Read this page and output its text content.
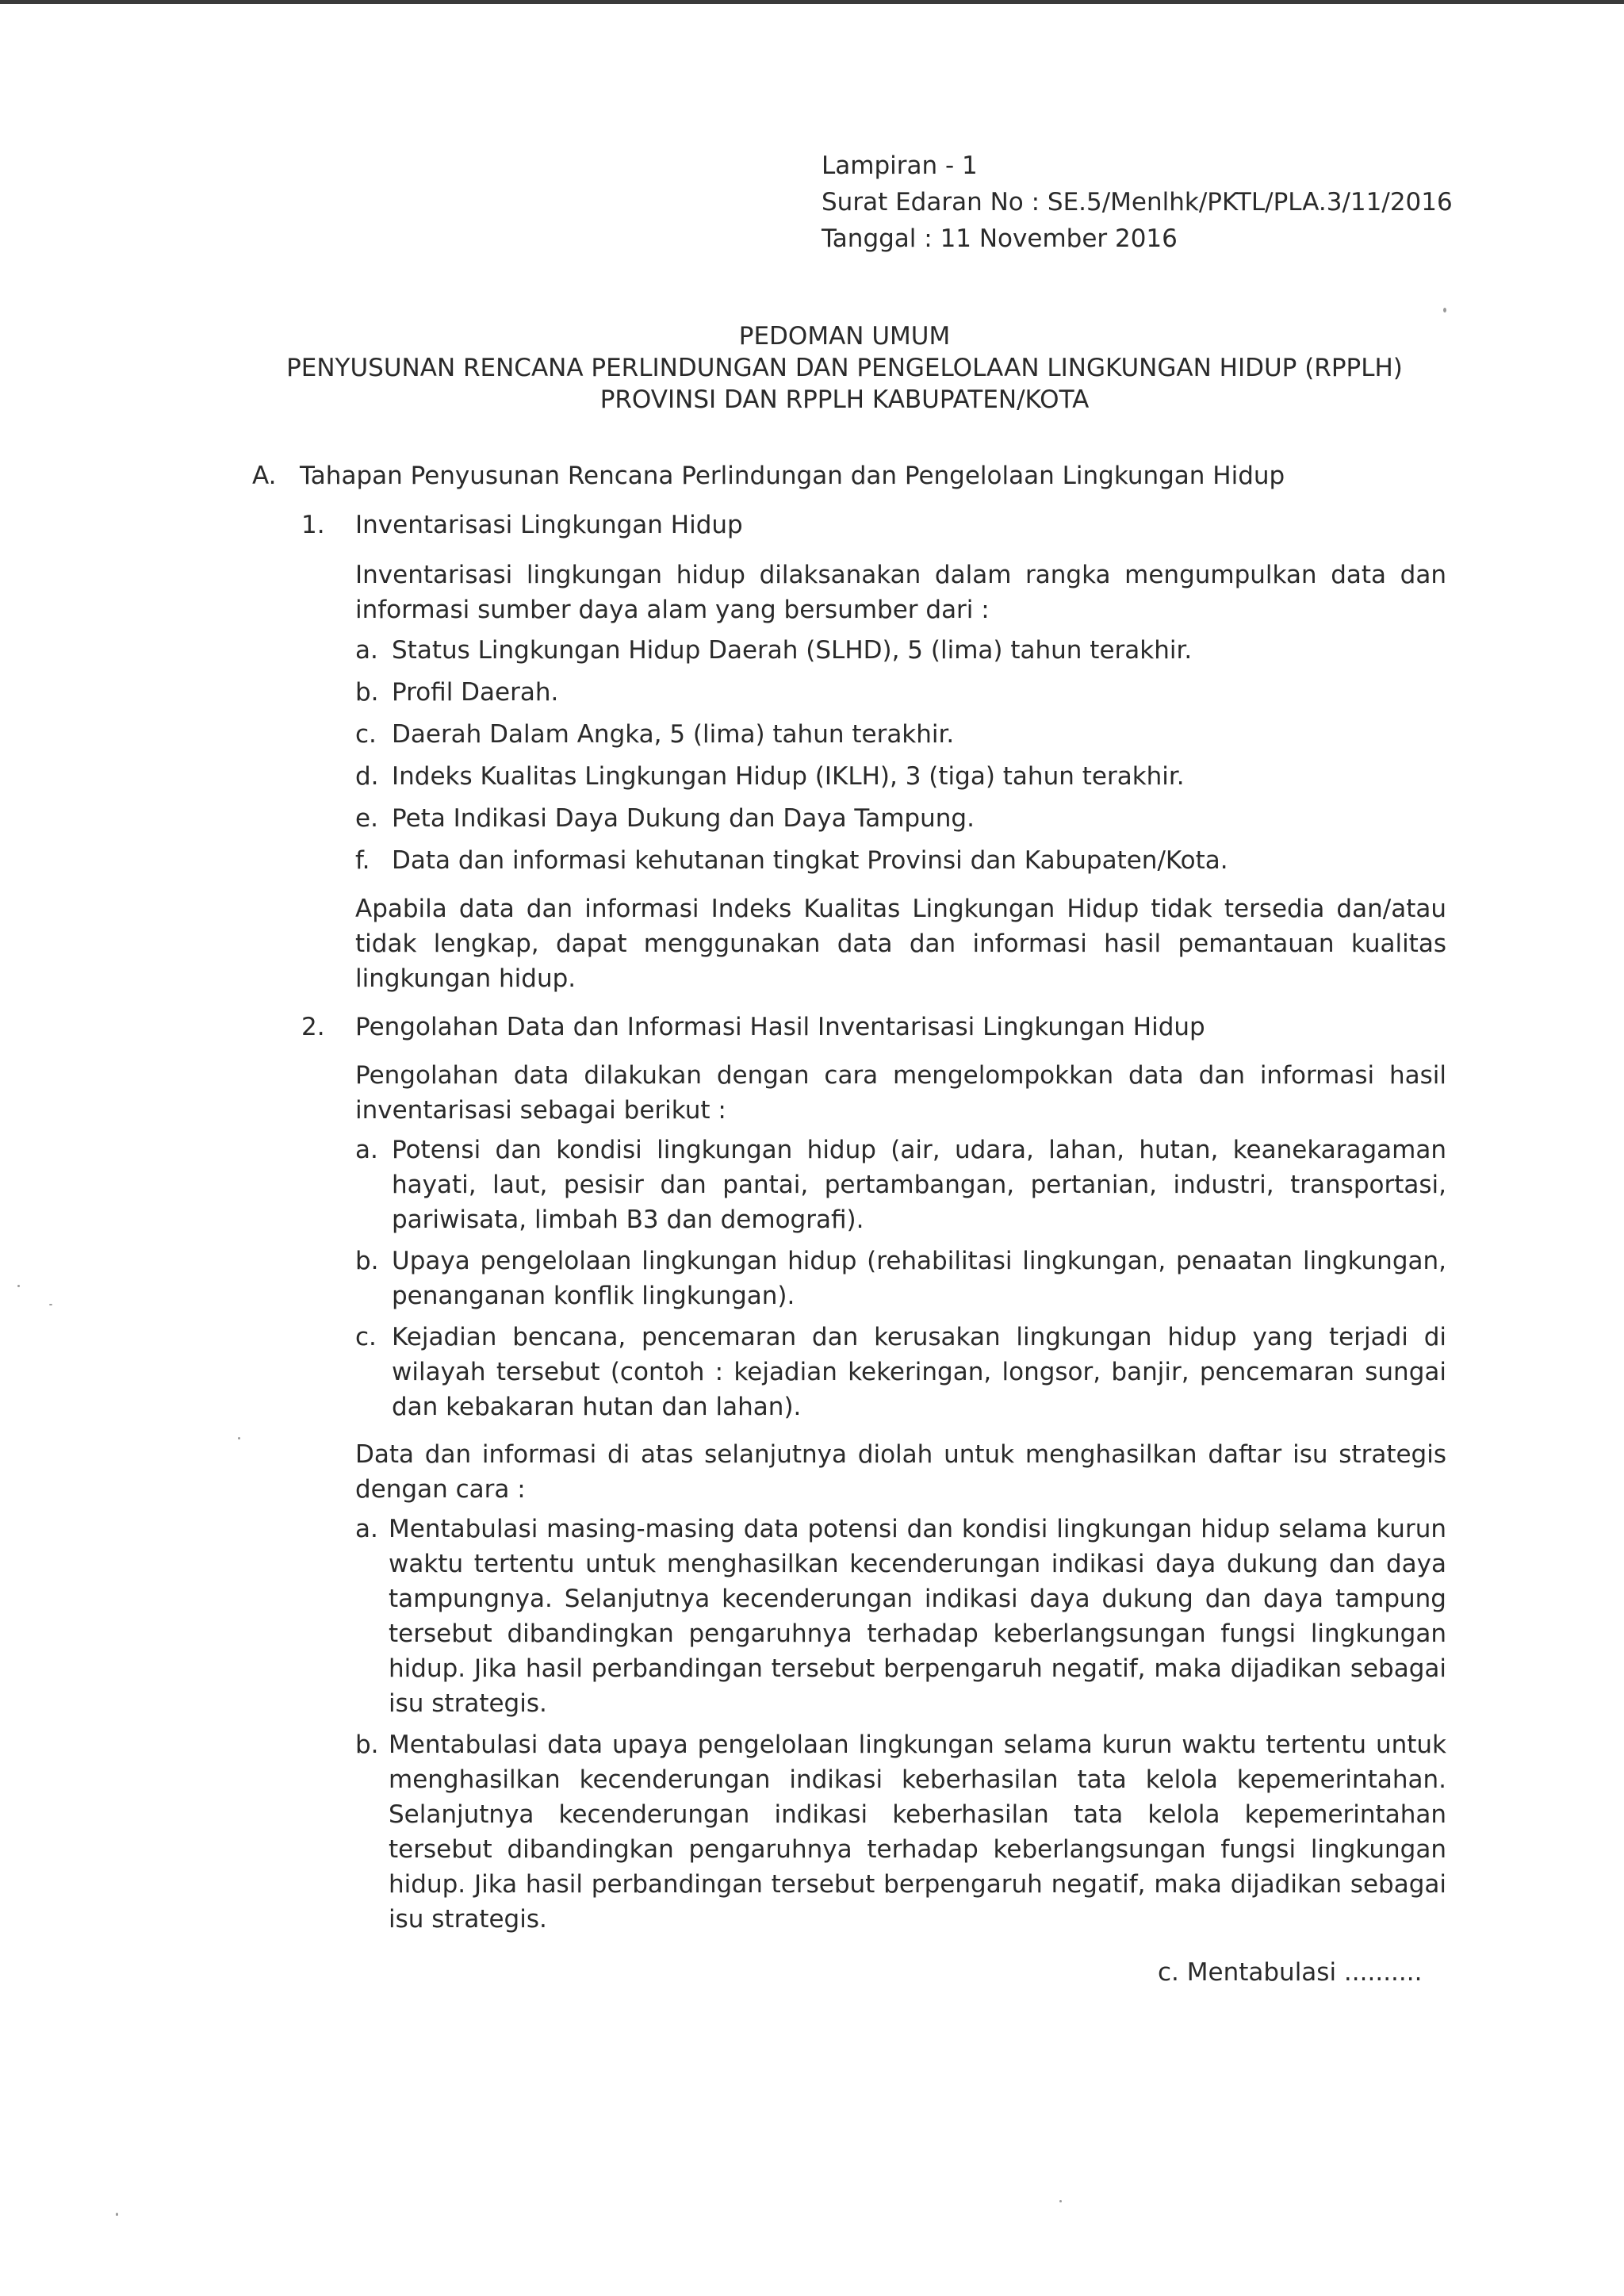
Lampiran - 1
Surat Edaran No : SE.5/Menlhk/PKTL/PLA.3/11/2016
Tanggal : 11 November 2016
PEDOMAN UMUM
PENYUSUNAN RENCANA PERLINDUNGAN DAN PENGELOLAAN LINGKUNGAN HIDUP (RPPLH)
PROVINSI DAN RPPLH KABUPATEN/KOTA
A. Tahapan Penyusunan Rencana Perlindungan dan Pengelolaan Lingkungan Hidup
1. Inventarisasi Lingkungan Hidup
Inventarisasi lingkungan hidup dilaksanakan dalam rangka mengumpulkan data dan informasi sumber daya alam yang bersumber dari :
a. Status Lingkungan Hidup Daerah (SLHD), 5 (lima) tahun terakhir.
b. Profil Daerah.
c. Daerah Dalam Angka, 5 (lima) tahun terakhir.
d. Indeks Kualitas Lingkungan Hidup (IKLH), 3 (tiga) tahun terakhir.
e. Peta Indikasi Daya Dukung dan Daya Tampung.
f. Data dan informasi kehutanan tingkat Provinsi dan Kabupaten/Kota.
Apabila data dan informasi Indeks Kualitas Lingkungan Hidup tidak tersedia dan/atau tidak lengkap, dapat menggunakan data dan informasi hasil pemantauan kualitas lingkungan hidup.
2. Pengolahan Data dan Informasi Hasil Inventarisasi Lingkungan Hidup
Pengolahan data dilakukan dengan cara mengelompokkan data dan informasi hasil inventarisasi sebagai berikut :
a. Potensi dan kondisi lingkungan hidup (air, udara, lahan, hutan, keanekaragaman hayati, laut, pesisir dan pantai, pertambangan, pertanian, industri, transportasi, pariwisata, limbah B3 dan demografi).
b. Upaya pengelolaan lingkungan hidup (rehabilitasi lingkungan, penaatan lingkungan, penanganan konflik lingkungan).
c. Kejadian bencana, pencemaran dan kerusakan lingkungan hidup yang terjadi di wilayah tersebut (contoh : kejadian kekeringan, longsor, banjir, pencemaran sungai dan kebakaran hutan dan lahan).
Data dan informasi di atas selanjutnya diolah untuk menghasilkan daftar isu strategis dengan cara :
a. Mentabulasi masing-masing data potensi dan kondisi lingkungan hidup selama kurun waktu tertentu untuk menghasilkan kecenderungan indikasi daya dukung dan daya tampungnya. Selanjutnya kecenderungan indikasi daya dukung dan daya tampung tersebut dibandingkan pengaruhnya terhadap keberlangsungan fungsi lingkungan hidup. Jika hasil perbandingan tersebut berpengaruh negatif, maka dijadikan sebagai isu strategis.
b. Mentabulasi data upaya pengelolaan lingkungan selama kurun waktu tertentu untuk menghasilkan kecenderungan indikasi keberhasilan tata kelola kepemerintahan. Selanjutnya kecenderungan indikasi keberhasilan tata kelola kepemerintahan tersebut dibandingkan pengaruhnya terhadap keberlangsungan fungsi lingkungan hidup. Jika hasil perbandingan tersebut berpengaruh negatif, maka dijadikan sebagai isu strategis.
c. Mentabulasi ..........
